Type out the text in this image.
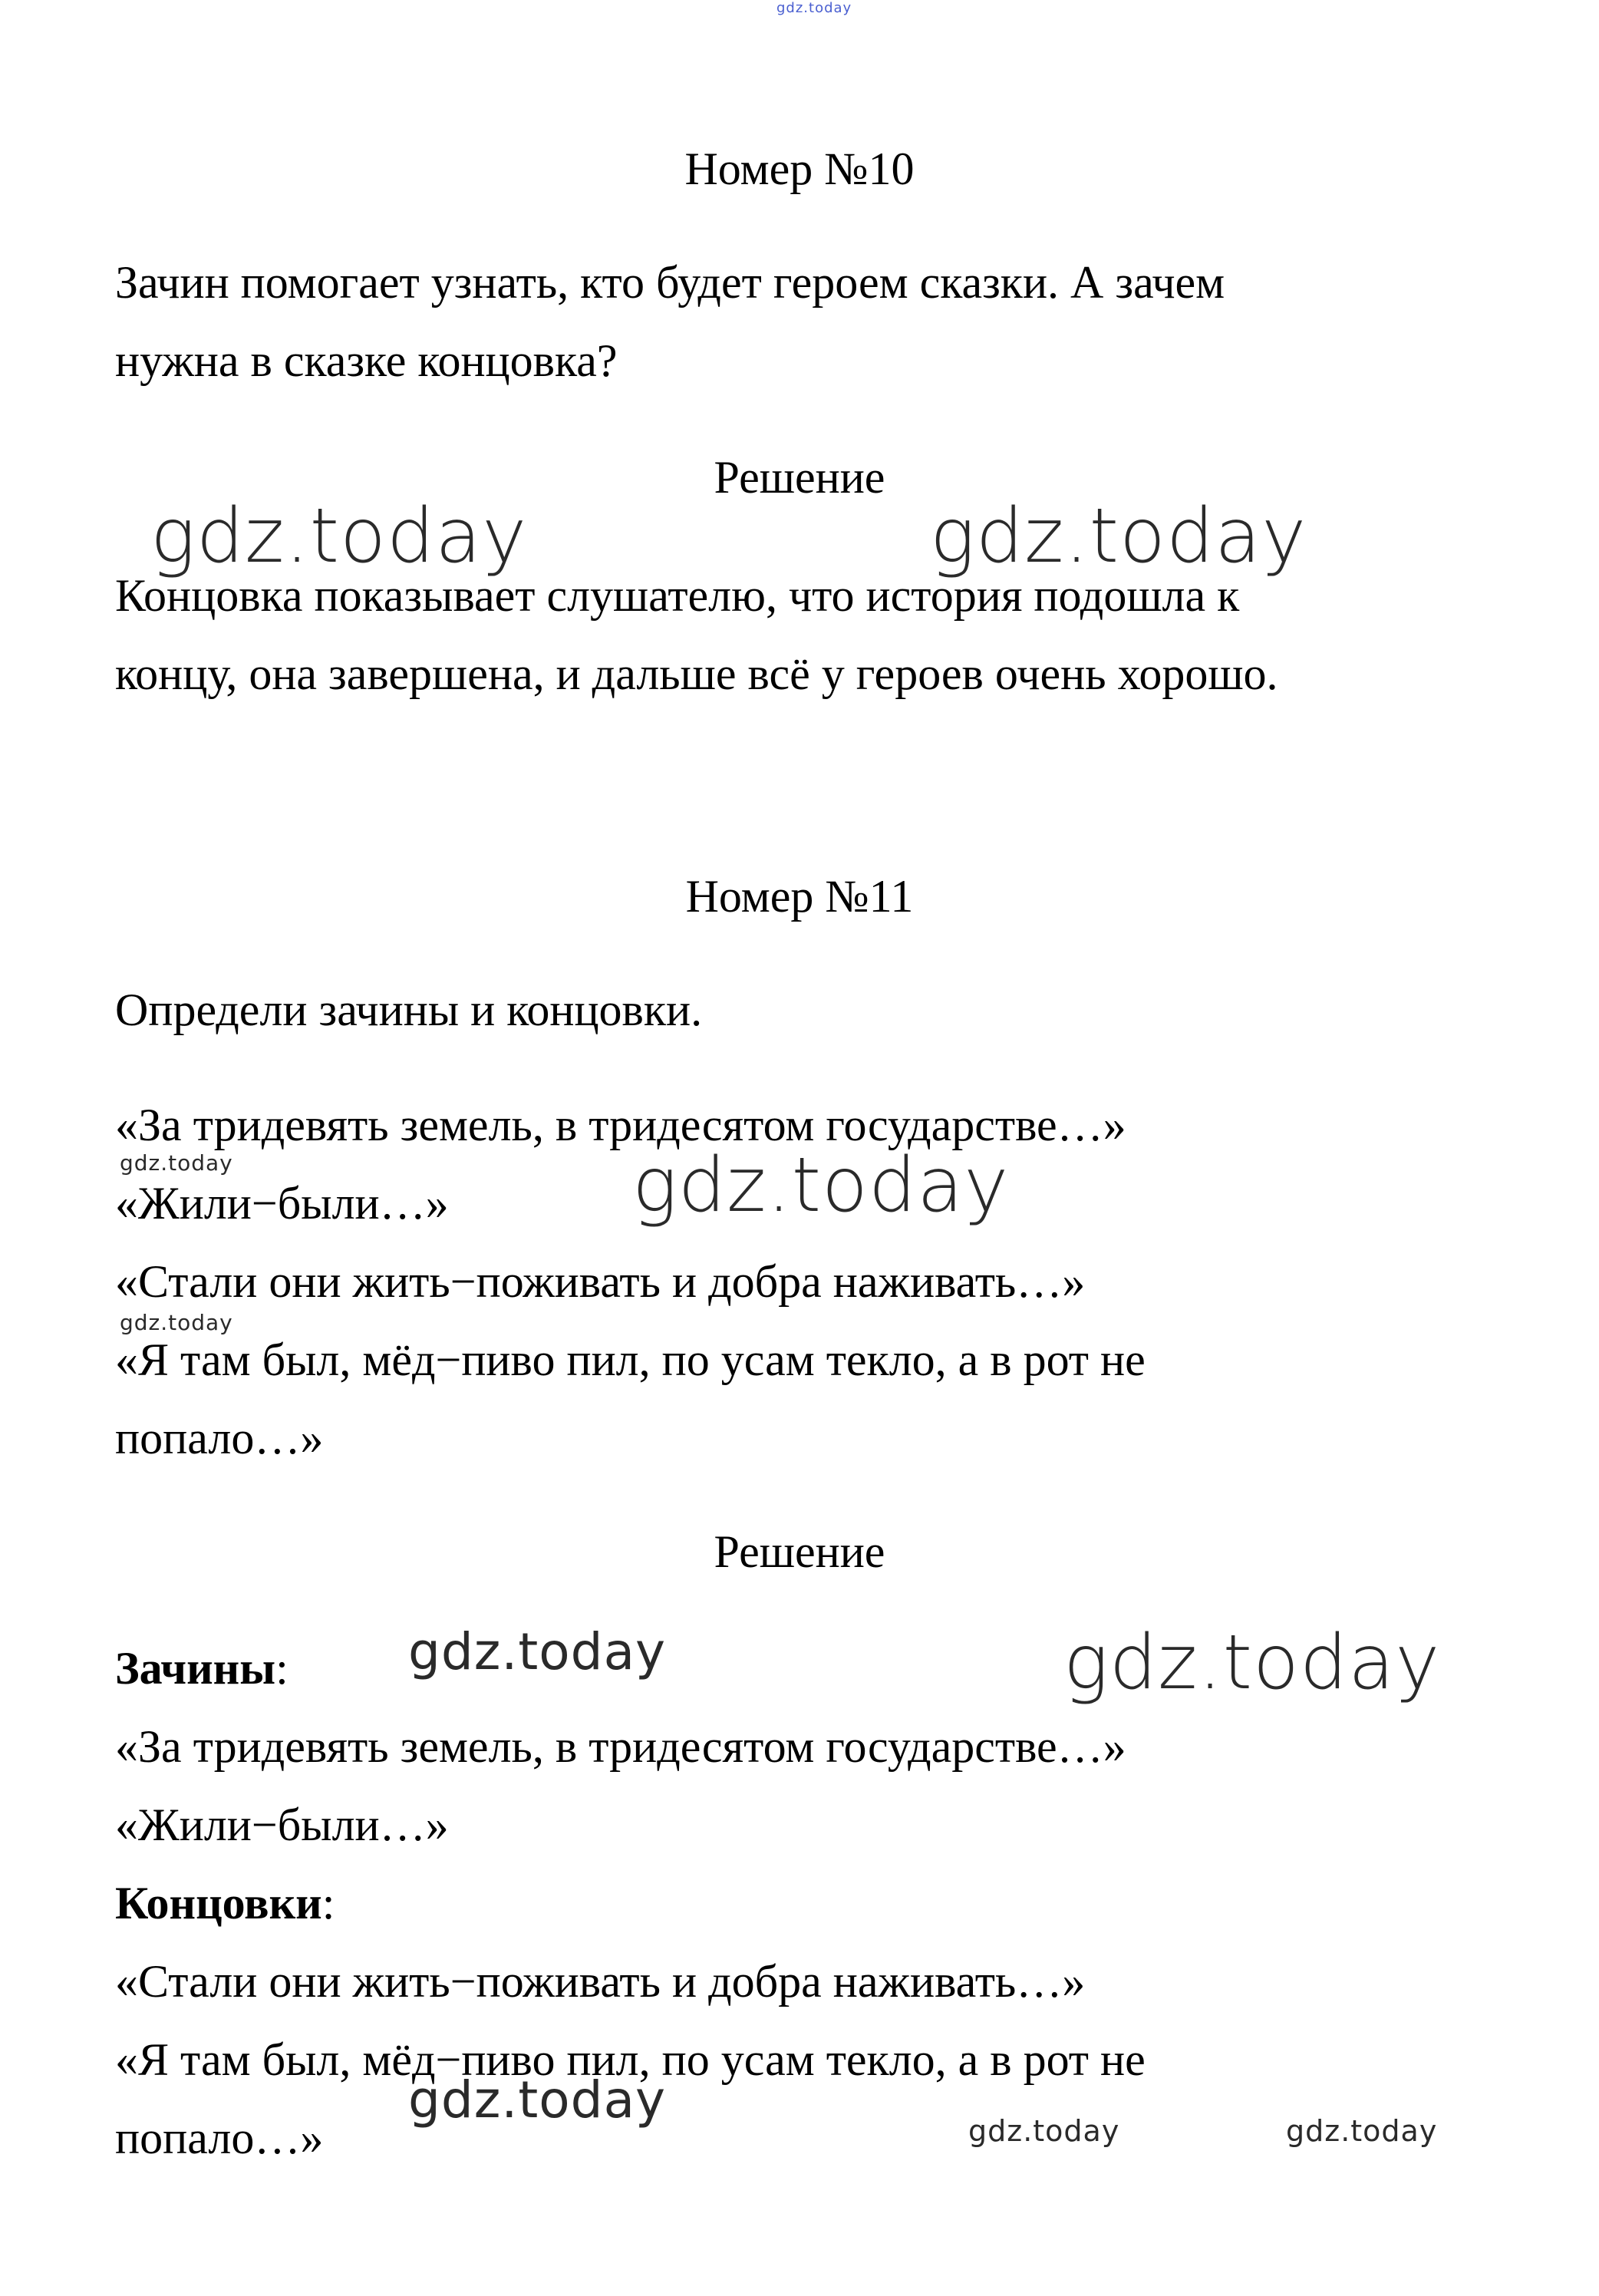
gdz.today
Номер №10
Зачин помогает узнать, кто будет героем сказки. А зачем
нужна в сказке концовка?
Решение
gdz.today	gdz.today
Концовка показывает слушателю, что история подошла к
концу, она завершена, и дальше всё у героев очень хорошо.
Номер №11
Определи зачины и концовки.
«За тридевять земель, в тридесятом государстве…»
gdz.today
«Жили−были…» gdz.today
«Стали они жить−поживать и добра наживать…»
gdz.today
«Я там был, мёд−пиво пил, по усам текло, а в рот не
попало…»
Решение
Зачины: gdz.today	gdz.today
«За тридевять земель, в тридесятом государстве…»
«Жили−были…»
Концовки:
«Стали они жить−поживать и добра наживать…»
«Я там был, мёд−пиво пил, по усам текло, а в рот не
gdz.today
попало…»	gdz.today	gdz.today
